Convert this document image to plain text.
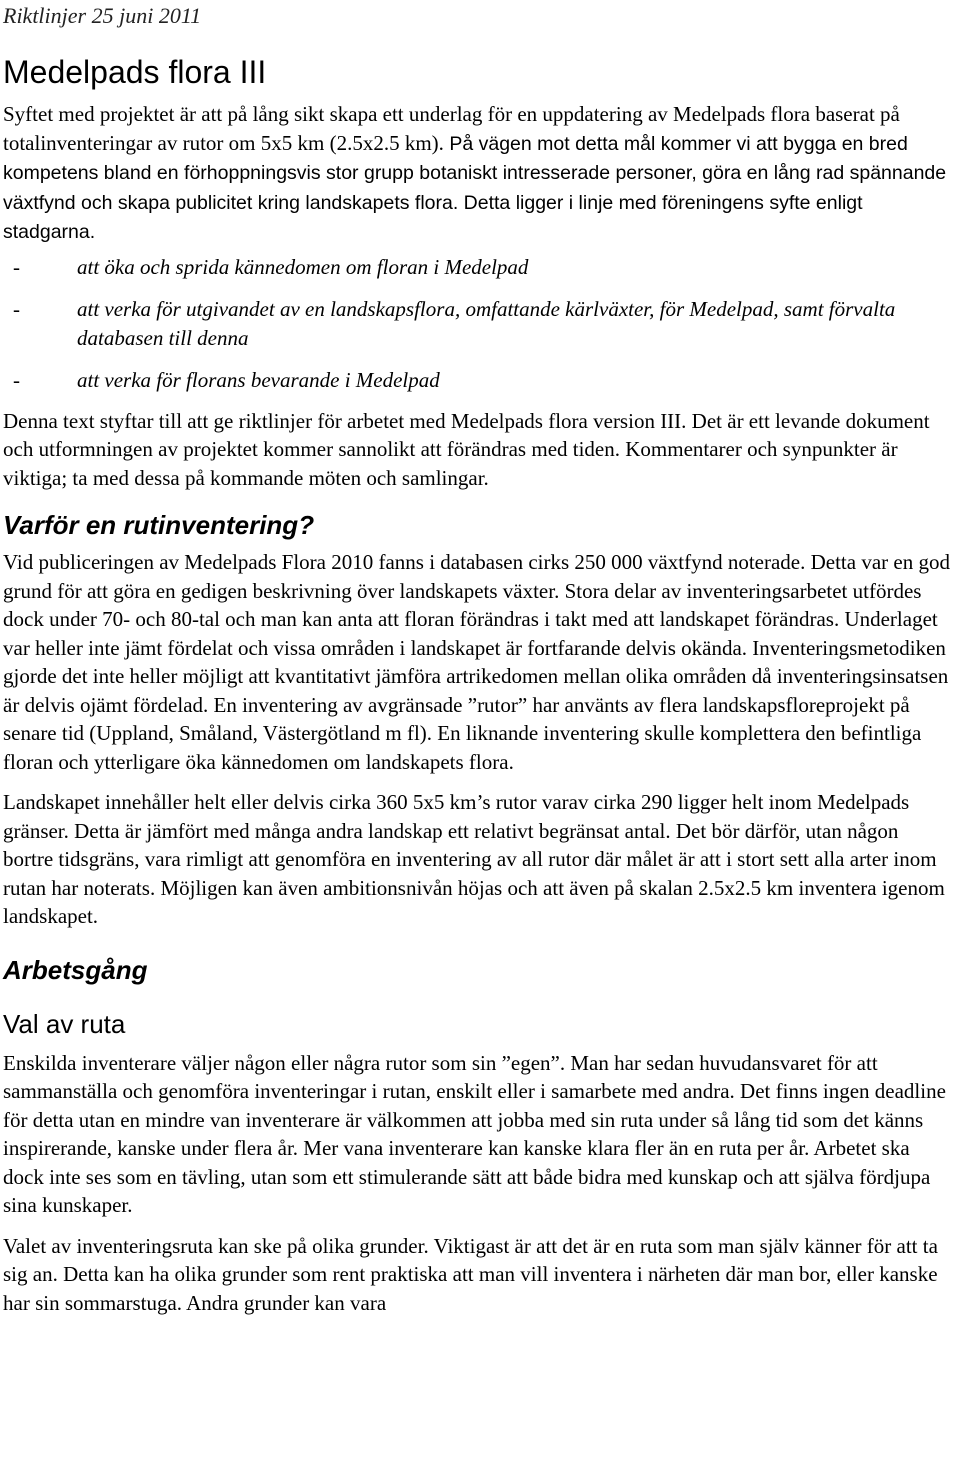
Riktlinjer 25 juni 2011
Medelpads flora III

Syftet med projektet är att på lång sikt skapa ett underlag för en uppdatering av Medelpads flora baserat på totalinventeringar av rutor om 5x5 km (2.5x2.5 km). På vägen mot detta mål kommer vi att bygga en bred kompetens bland en förhoppningsvis stor grupp botaniskt intresserade personer, göra en lång rad spännande växtfynd och skapa publicitet kring landskapets flora. Detta ligger i linje med föreningens syfte enligt stadgarna.

-	att öka och sprida kännedomen om floran i Medelpad
-	att verka för utgivandet av en landskapsflora, omfattande kärlväxter, för Medelpad, samt förvalta databasen till denna
-	att verka för florans bevarande i Medelpad

Denna text styftar till att ge riktlinjer för arbetet med Medelpads flora version III. Det är ett levande dokument och utformningen av projektet kommer sannolikt att förändras med tiden. Kommentarer och synpunkter är viktiga; ta med dessa på kommande möten och samlingar.

Varför en rutinventering?

Vid publiceringen av Medelpads Flora 2010 fanns i databasen cirks 250 000 växtfynd noterade. Detta var en god grund för att göra en gedigen beskrivning över landskapets växter. Stora delar av inventeringsarbetet utfördes dock under 70- och 80-tal och man kan anta att floran förändras i takt med att landskapet förändras. Underlaget var heller inte jämt fördelat och vissa områden i landskapet är fortfarande delvis okända. Inventeringsmetodiken gjorde det inte heller möjligt att kvantitativt jämföra artrikedomen mellan olika områden då inventeringsinsatsen är delvis ojämt fördelad. En inventering av avgränsade ”rutor” har använts av flera landskapsfloreprojekt på senare tid (Uppland, Småland, Västergötland m fl). En liknande inventering skulle komplettera den befintliga floran och ytterligare öka kännedomen om landskapets flora.

Landskapet innehåller helt eller delvis cirka 360 5x5 km’s rutor varav cirka 290 ligger helt inom Medelpads gränser. Detta är jämfört med många andra landskap ett relativt begränsat antal. Det bör därför, utan någon bortre tidsgräns, vara rimligt att genomföra en inventering av all rutor där målet är att i stort sett alla arter inom rutan har noterats. Möjligen kan även ambitionsnivån höjas och att även på skalan 2.5x2.5 km inventera igenom landskapet.

Arbetsgång
Val av ruta

Enskilda inventerare väljer någon eller några rutor som sin ”egen”. Man har sedan huvudansvaret för att sammanställa och genomföra inventeringar i rutan, enskilt eller i samarbete med andra. Det finns ingen deadline för detta utan en mindre van inventerare är välkommen att jobba med sin ruta under så lång tid som det känns inspirerande, kanske under flera år. Mer vana inventerare kan kanske klara fler än en ruta per år. Arbetet ska dock inte ses som en tävling, utan som ett stimulerande sätt att både bidra med kunskap och att själva fördjupa sina kunskaper.

Valet av inventeringsruta kan ske på olika grunder. Viktigast är att det är en ruta som man själv känner för att ta sig an. Detta kan ha olika grunder som rent praktiska att man vill inventera i närheten där man bor, eller kanske har sin sommarstuga. Andra grunder kan vara
